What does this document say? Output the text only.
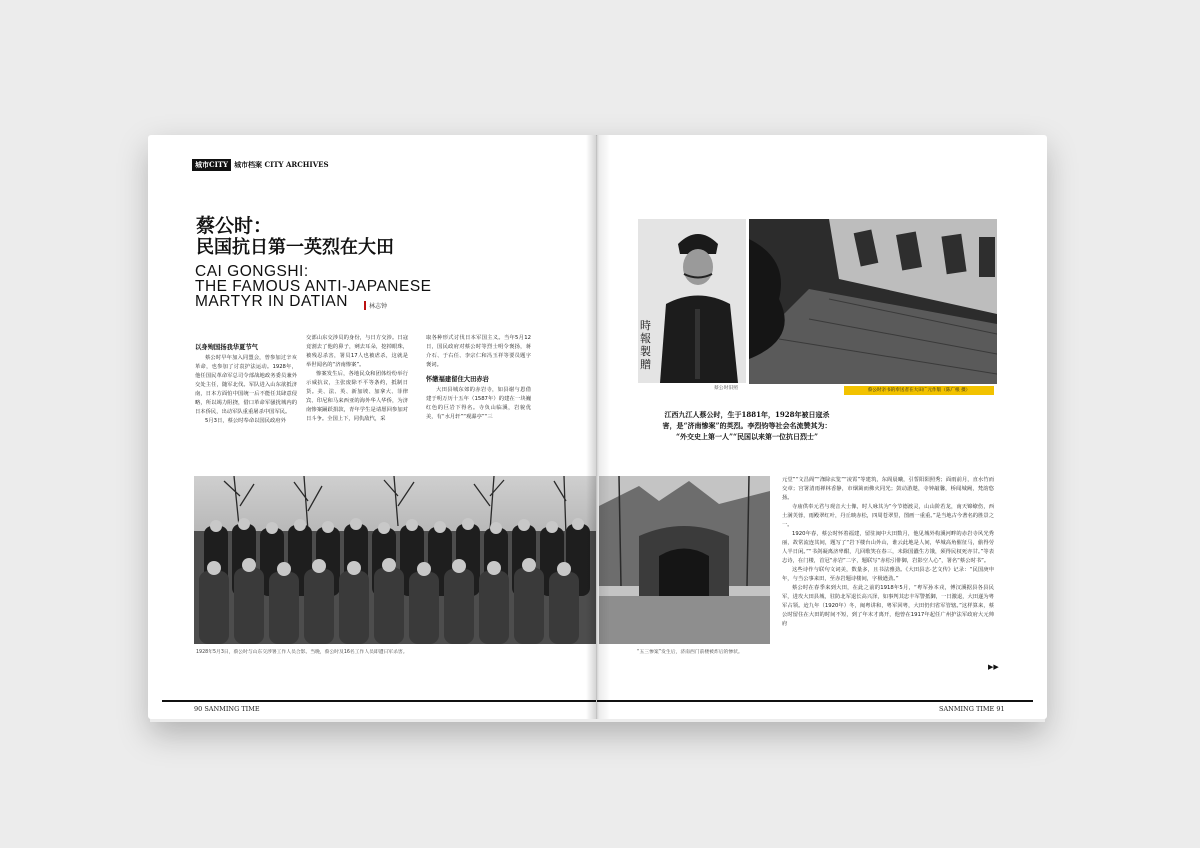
城市CITY 城市档案 CITY ARCHIVES
蔡公时：
民国抗日第一英烈在大田
CAI GONGSHI:
THE FAMOUS ANTI-JAPANESE
MARTYR IN DATIAN	林志钟
以身殉国扬我华夏节气

蔡公时早年加入同盟会，曾参加过辛亥革命，也参加了讨袁护法运动。1928年，他任国民革命军总司令部战地政务委员兼外交处主任，随军北伐。军队进入山东欲抵济南，日本方面怕中国统一后不能任其肆意侵略，所以竭力阻挠，借口革命军骚扰城内的日本侨民，出动军队重重屠杀中国军民。

5月3日，蔡公时奉命以国民政府外

交部山东交涉员的身份，与日方交涉。日寇竟割去了他的鼻子，剜去耳朵，挖掉眼珠，被残忍杀害，署员17人也被虐杀，这就是举世闻名的“济南惨案”。

惨案发生后，各地民众和团体纷纷举行示威抗议，主张废除不平等条约，抵制日货。美、法、英、新加坡、加拿大、菲律宾、印尼和马来西亚的海外华人华侨，为济南惨案踊跃捐款，青年学生是请愿回参加对日斗争。全国上下，同仇敌忾，采

取各种形式讨伐日本军国主义。当年5月12日，国民政府对蔡公时等烈士明令褒扬，蒋介石、于右任、李宗仁和冯玉祥等要员题字褒词。

怀缴福建留住大田赤岩

大田县城东郊的赤岩寺，如县谢与恩借建于明万历十五年（1587年）的建在一块巍红色的巨岩下得名。寺负山临溪，岩貌优美，有“水月轩”“观瀑亭”“三

1928年5月3日，蔡公时与山东交涉署工作人员合影。当晚，蔡公时及16名工作人员即遭日军杀害。
90 SANMING TIME
時報製贈
蔡公时旧照	蔡公时亲书的奉送者在大田广元作版（陈广根 摄）
江西九江人蔡公时，生于1881年，1928年被日寇杀
害，是“济南惨案”的英烈。李烈钧等社会名流赞其为：
“外交史上第一人”“民国以来第一位抗日烈士”
“五三惨案”发生后，济南西门前楼被炸后的惨状。

元堂”“文昌阁”“涤除玄览”“凌霄”等建筑，东阁晨曦，引誓阳阳照秀；面雨前月，直水竹而交章；宫署清雨禅林香静，市烟篱而佛火同光；鼓动游遨，寺钟敲馨，桥闻城阙，梵韵悠扬。

寺庙供奉元君与观音大士像，时人咏其为“今节德渡灵，山山阶若龙，南天锦缭伤，西土满芙蓉，雨殿翠红叶，丹丘映赤松，四周苍翠里，图画一重重。”是当地古今著名的胜景之一。

1920年春，蔡公时怀着福建，留驻闽中大田数月，他见城外构溪河畔的赤岩寺风光秀丽，故常流连其间，题写了“岩下楼台山外山，谁云此地是人间，华城高角催征马，偷得劳人半日闲。”“书剑凝离济卑酣，几回歌笑在春三，未除国蠹生方饿，须得民权死亦甘。”等表志诗，在门楼，首冠“赤岩”二字，题联写“赤松引俳御，岩影空人心”，署名“蔡公时书”。

这些诗作与联句文词美，数量多，且书法雅劲。《大田县志·艺文传》记录：“民国庚申年，与当公事来田，至赤岩题诗楼间，字极遒劲。”

蔡公时在春季来到大田，在此之前的1918年5月，“粤军孙本戎，傅汉溪据县各县民军，进攻大田县城，驻防北军退长高兴泽，如事判其忠丰军警抵御，一日激退，大田遂为粤军占领。迨九年（1920年）冬，闽粤讲和，粤军回粤，大田仍归省军管辖。”这样算来，蔡公时留住在大田的时间不短，到了年末才离开，他曾在1917年起任广州护法军政府大元帅府

▶▶
SANMING TIME 91
